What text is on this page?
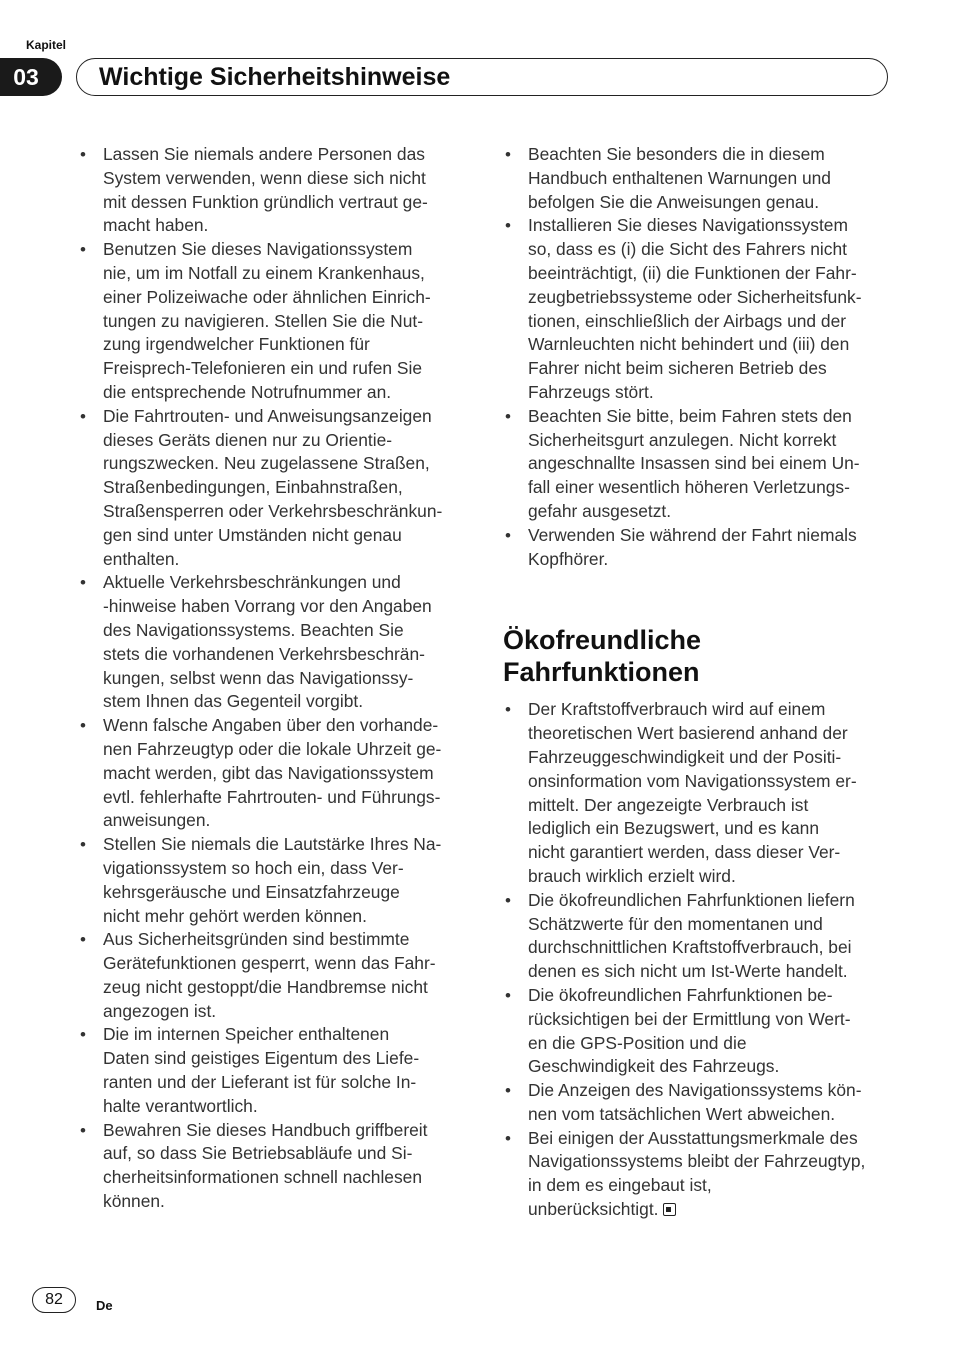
Kapitel
03	Wichtige Sicherheitshinweise
• Lassen Sie niemals andere Personen das
System verwenden, wenn diese sich nicht
mit dessen Funktion gründlich vertraut ge-
macht haben.
• Benutzen Sie dieses Navigationssystem
nie, um im Notfall zu einem Krankenhaus,
einer Polizeiwache oder ähnlichen Einrich-
tungen zu navigieren. Stellen Sie die Nut-
zung irgendwelcher Funktionen für
Freisprech-Telefonieren ein und rufen Sie
die entsprechende Notrufnummer an.
• Die Fahrtrouten- und Anweisungsanzeigen
dieses Geräts dienen nur zu Orientie-
rungszwecken. Neu zugelassene Straßen,
Straßenbedingungen, Einbahnstraßen,
Straßensperren oder Verkehrsbeschränkun-
gen sind unter Umständen nicht genau
enthalten.
• Aktuelle Verkehrsbeschränkungen und
-hinweise haben Vorrang vor den Angaben
des Navigationssystems. Beachten Sie
stets die vorhandenen Verkehrsbeschrän-
kungen, selbst wenn das Navigationssy-
stem Ihnen das Gegenteil vorgibt.
• Wenn falsche Angaben über den vorhande-
nen Fahrzeugtyp oder die lokale Uhrzeit ge-
macht werden, gibt das Navigationssystem
evtl. fehlerhafte Fahrtrouten- und Führungs-
anweisungen.
• Stellen Sie niemals die Lautstärke Ihres Na-
vigationssystem so hoch ein, dass Ver-
kehrsgeräusche und Einsatzfahrzeuge
nicht mehr gehört werden können.
• Aus Sicherheitsgründen sind bestimmte
Gerätefunktionen gesperrt, wenn das Fahr-
zeug nicht gestoppt/die Handbremse nicht
angezogen ist.
• Die im internen Speicher enthaltenen
Daten sind geistiges Eigentum des Liefe-
ranten und der Lieferant ist für solche In-
halte verantwortlich.
• Bewahren Sie dieses Handbuch griffbereit
auf, so dass Sie Betriebsabläufe und Si-
cherheitsinformationen schnell nachlesen
können.
• Beachten Sie besonders die in diesem
Handbuch enthaltenen Warnungen und
befolgen Sie die Anweisungen genau.
• Installieren Sie dieses Navigationssystem
so, dass es (i) die Sicht des Fahrers nicht
beeinträchtigt, (ii) die Funktionen der Fahr-
zeugbetriebssysteme oder Sicherheitsfunk-
tionen, einschließlich der Airbags und der
Warnleuchten nicht behindert und (iii) den
Fahrer nicht beim sicheren Betrieb des
Fahrzeugs stört.
• Beachten Sie bitte, beim Fahren stets den
Sicherheitsgurt anzulegen. Nicht korrekt
angeschnallte Insassen sind bei einem Un-
fall einer wesentlich höheren Verletzungs-
gefahr ausgesetzt.
• Verwenden Sie während der Fahrt niemals
Kopfhörer.
Ökofreundliche
Fahrfunktionen
• Der Kraftstoffverbrauch wird auf einem
theoretischen Wert basierend anhand der
Fahrzeuggeschwindigkeit und der Positi-
onsinformation vom Navigationssystem er-
mittelt. Der angezeigte Verbrauch ist
lediglich ein Bezugswert, und es kann
nicht garantiert werden, dass dieser Ver-
brauch wirklich erzielt wird.
• Die ökofreundlichen Fahrfunktionen liefern
Schätzwerte für den momentanen und
durchschnittlichen Kraftstoffverbrauch, bei
denen es sich nicht um Ist-Werte handelt.
• Die ökofreundlichen Fahrfunktionen be-
rücksichtigen bei der Ermittlung von Wert-
en die GPS-Position und die
Geschwindigkeit des Fahrzeugs.
• Die Anzeigen des Navigationssystems kön-
nen vom tatsächlichen Wert abweichen.
• Bei einigen der Ausstattungsmerkmale des
Navigationssystems bleibt der Fahrzeugtyp,
in dem es eingebaut ist,
unberücksichtigt.
82	De
